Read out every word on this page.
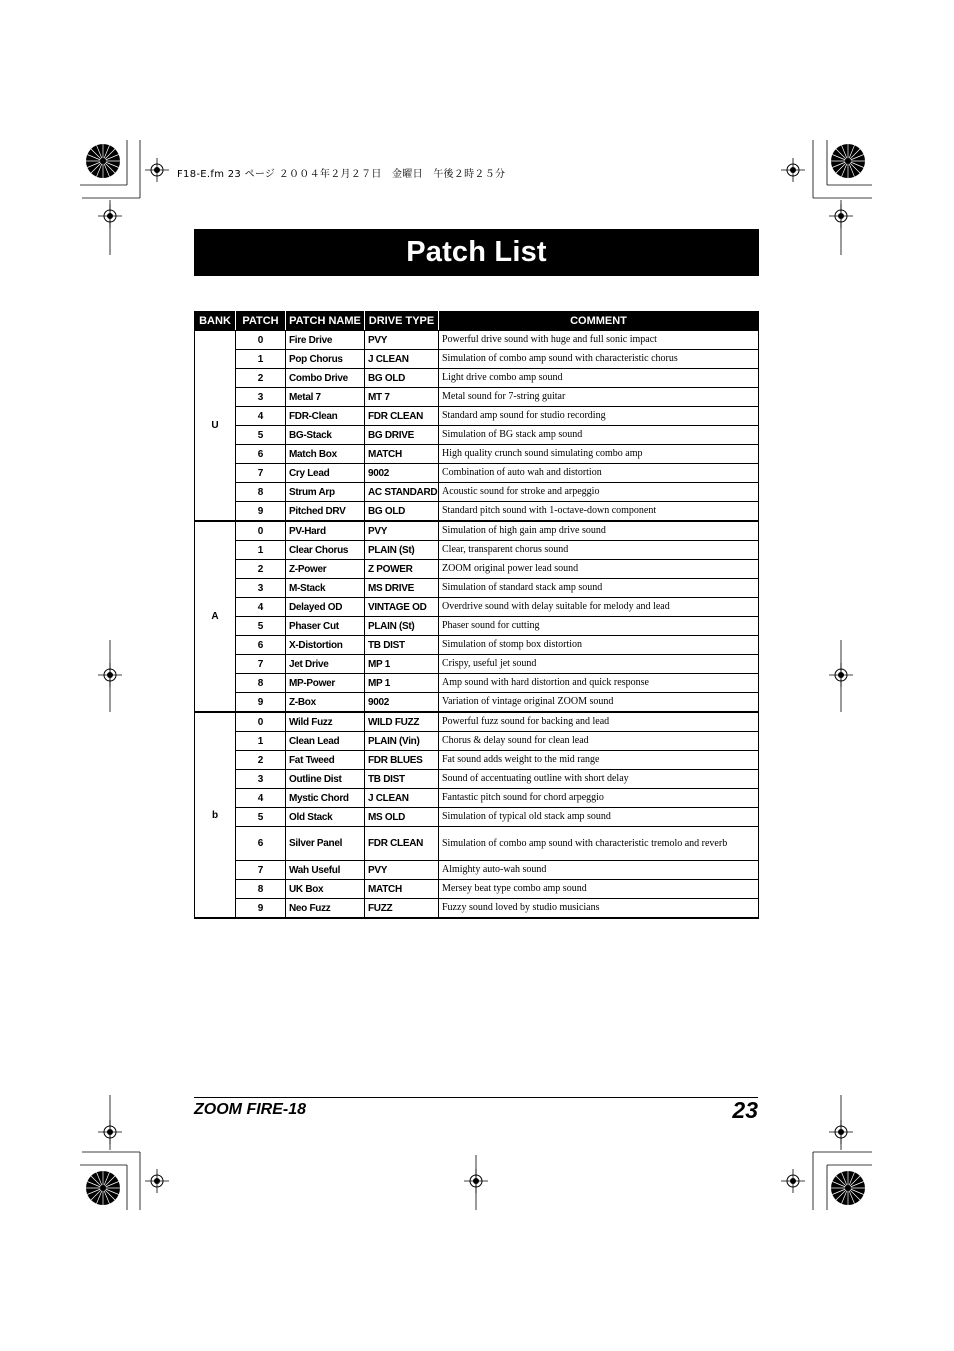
F18-E.fm 23 ページ ２００４年２月２７日　金曜日　午後２時２５分
Patch List
BANK	PATCH	PATCH NAME	DRIVE TYPE	COMMENT
U	0	Fire Drive	PVY	Powerful drive sound with huge and full sonic impact
	1	Pop Chorus	J CLEAN	Simulation of combo amp sound with characteristic chorus
	2	Combo Drive	BG OLD	Light drive combo amp sound
	3	Metal 7	MT 7	Metal sound for 7-string guitar
	4	FDR-Clean	FDR CLEAN	Standard amp sound for studio recording
	5	BG-Stack	BG DRIVE	Simulation of BG stack amp sound
	6	Match Box	MATCH	High quality crunch sound simulating combo amp
	7	Cry Lead	9002	Combination of auto wah and distortion
	8	Strum Arp	AC STANDARD	Acoustic sound for stroke and arpeggio
	9	Pitched DRV	BG OLD	Standard pitch sound with 1-octave-down component
A	0	PV-Hard	PVY	Simulation of high gain amp drive sound
	1	Clear Chorus	PLAIN (St)	Clear, transparent chorus sound
	2	Z-Power	Z POWER	ZOOM original power lead sound
	3	M-Stack	MS DRIVE	Simulation of standard stack amp sound
	4	Delayed OD	VINTAGE OD	Overdrive sound with delay suitable for melody and lead
	5	Phaser Cut	PLAIN (St)	Phaser sound for cutting
	6	X-Distortion	TB DIST	Simulation of stomp box distortion
	7	Jet Drive	MP 1	Crispy, useful jet sound
	8	MP-Power	MP 1	Amp sound with hard distortion and quick response
	9	Z-Box	9002	Variation of vintage original ZOOM sound
b	0	Wild Fuzz	WILD FUZZ	Powerful fuzz sound for backing and lead
	1	Clean Lead	PLAIN (Vin)	Chorus & delay sound for clean lead
	2	Fat Tweed	FDR BLUES	Fat sound adds weight to the mid range
	3	Outline Dist	TB DIST	Sound of accentuating outline with short delay
	4	Mystic Chord	J CLEAN	Fantastic pitch sound for chord arpeggio
	5	Old Stack	MS OLD	Simulation of typical old stack amp sound
	6	Silver Panel	FDR CLEAN	Simulation of combo amp sound with characteristic tremolo and reverb
	7	Wah Useful	PVY	Almighty auto-wah sound
	8	UK Box	MATCH	Mersey beat type combo amp sound
	9	Neo Fuzz	FUZZ	Fuzzy sound loved by studio musicians
ZOOM FIRE-18	23
